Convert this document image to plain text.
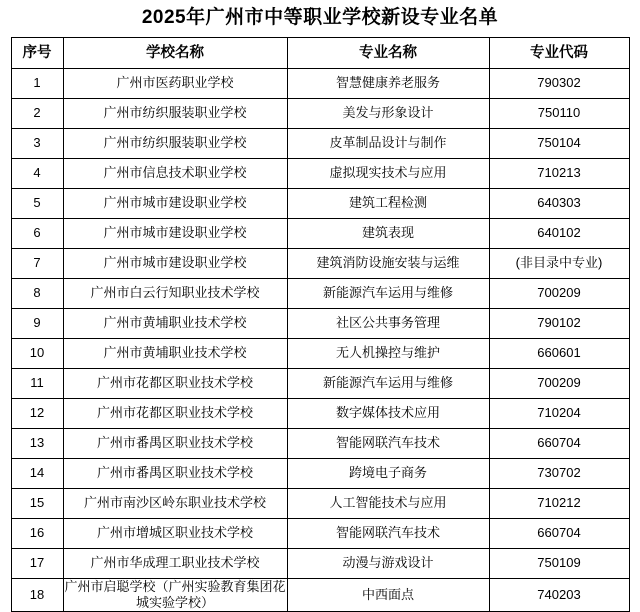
2025年广州市中等职业学校新设专业名单
序号	学校名称	专业名称	专业代码
1	广州市医药职业学校	智慧健康养老服务	790302
2	广州市纺织服装职业学校	美发与形象设计	750110
3	广州市纺织服装职业学校	皮革制品设计与制作	750104
4	广州市信息技术职业学校	虚拟现实技术与应用	710213
5	广州市城市建设职业学校	建筑工程检测	640303
6	广州市城市建设职业学校	建筑表现	640102
7	广州市城市建设职业学校	建筑消防设施安装与运维	(非目录中专业)
8	广州市白云行知职业技术学校	新能源汽车运用与维修	700209
9	广州市黄埔职业技术学校	社区公共事务管理	790102
10	广州市黄埔职业技术学校	无人机操控与维护	660601
11	广州市花都区职业技术学校	新能源汽车运用与维修	700209
12	广州市花都区职业技术学校	数字媒体技术应用	710204
13	广州市番禺区职业技术学校	智能网联汽车技术	660704
14	广州市番禺区职业技术学校	跨境电子商务	730702
15	广州市南沙区岭东职业技术学校	人工智能技术与应用	710212
16	广州市增城区职业技术学校	智能网联汽车技术	660704
17	广州市华成理工职业技术学校	动漫与游戏设计	750109
18	广州市启聪学校（广州实验教育集团花城实验学校）	中西面点	740203
